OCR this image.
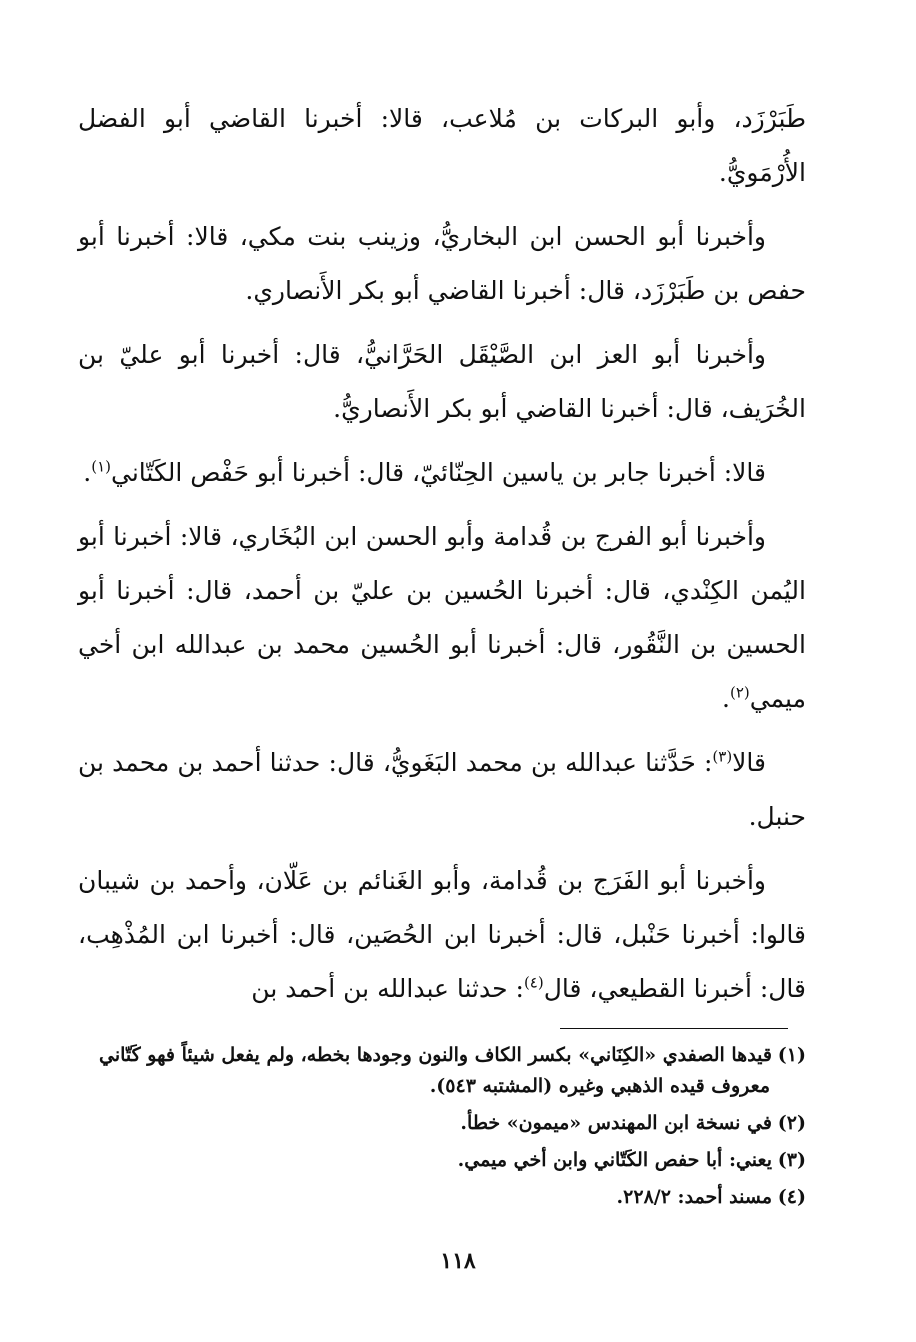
طَبَرْزَد، وأبو البركات بن مُلاعب، قالا: أخبرنا القاضي أبو الفضل الأُرْمَويُّ.

وأخبرنا أبو الحسن ابن البخاريُّ، وزينب بنت مكي، قالا: أخبرنا أبو حفص بن طَبَرْزَد، قال: أخبرنا القاضي أبو بكر الأَنصاري.

وأخبرنا أبو العز ابن الصَّيْقَل الحَرَّانيُّ، قال: أخبرنا أبو عليّ بن الخُرَيف، قال: أخبرنا القاضي أبو بكر الأَنصاريُّ.

قالا: أخبرنا جابر بن ياسين الحِنّائيّ، قال: أخبرنا أبو حَفْص الكَتّاني$^{(١)}$.

وأخبرنا أبو الفرج بن قُدامة وأبو الحسن ابن البُخَاري، قالا: أخبرنا أبو اليُمن الكِنْدي، قال: أخبرنا الحُسين بن عليّ بن أحمد، قال: أخبرنا أبو الحسين بن النَّقُور، قال: أخبرنا أبو الحُسين محمد بن عبدالله ابن أخي ميمي$^{(٢)}$.

قالا$^{(٣)}$: حَدَّثنا عبدالله بن محمد البَغَويُّ، قال: حدثنا أحمد بن محمد بن حنبل.

وأخبرنا أبو الفَرَج بن قُدامة، وأبو الغَنائم بن عَلّان، وأحمد بن شيبان قالوا: أخبرنا حَنْبل، قال: أخبرنا ابن الحُصَين، قال: أخبرنا ابن المُذْهِب، قال: أخبرنا القطيعي، قال$^{(٤)}$: حدثنا عبدالله بن أحمد بن

(١)قيدها الصفدي «الكِنَاني» بكسر الكاف والنون وجودها بخطه، ولم يفعل شيئاً فهو كَتّاني معروف قيده الذهبي وغيره (المشتبه ٥٤٣).

(٢)في نسخة ابن المهندس «ميمون» خطأ.

(٣)يعني: أبا حفص الكَتّاني وابن أخي ميمي.

(٤)مسند أحمد: ٢٢٨/٢.

١١٨
